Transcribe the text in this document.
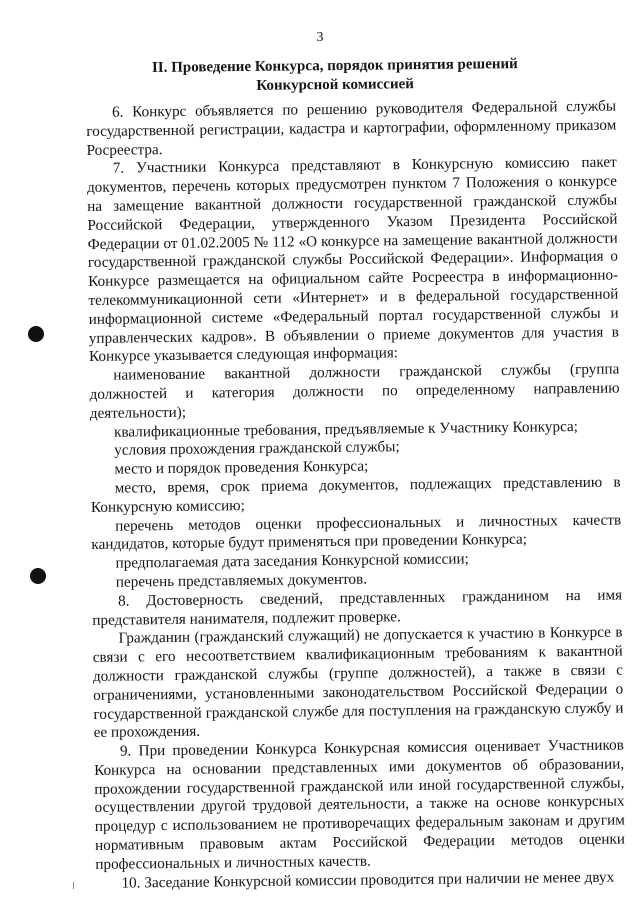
3
II. Проведение Конкурса, порядок принятия решений
Конкурсной комиссией

6. Конкурс объявляется по решению руководителя Федеральной службы государственной регистрации, кадастра и картографии, оформленному приказом Росреестра.

7. Участники Конкурса представляют в Конкурсную комиссию пакет документов, перечень которых предусмотрен пунктом 7 Положения о конкурсе на замещение вакантной должности государственной гражданской службы Российской Федерации, утвержденного Указом Президента Российской Федерации от 01.02.2005 № 112 «О конкурсе на замещение вакантной должности государственной гражданской службы Российской Федерации». Информация о Конкурсе размещается на официальном сайте Росреестра в информационно-телекоммуникационной сети «Интернет» и в федеральной государственной информационной системе «Федеральный портал государственной службы и управленческих кадров». В объявлении о приеме документов для участия в Конкурсе указывается следующая информация:

наименование вакантной должности гражданской службы (группа должностей и категория должности по определенному направлению деятельности);

квалификационные требования, предъявляемые к Участнику Конкурса;

условия прохождения гражданской службы;

место и порядок проведения Конкурса;

место, время, срок приема документов, подлежащих представлению в Конкурсную комиссию;

перечень методов оценки профессиональных и личностных качеств кандидатов, которые будут применяться при проведении Конкурса;

предполагаемая дата заседания Конкурсной комиссии;

перечень представляемых документов.

8. Достоверность сведений, представленных гражданином на имя представителя нанимателя, подлежит проверке.

Гражданин (гражданский служащий) не допускается к участию в Конкурсе в связи с его несоответствием квалификационным требованиям к вакантной должности гражданской службы (группе должностей), а также в связи с ограничениями, установленными законодательством Российской Федерации о государственной гражданской службе для поступления на гражданскую службу и ее прохождения.

9. При проведении Конкурса Конкурсная комиссия оценивает Участников Конкурса на основании представленных ими документов об образовании, прохождении государственной гражданской или иной государственной службы, осуществлении другой трудовой деятельности, а также на основе конкурсных процедур с использованием не противоречащих федеральным законам и другим нормативным правовым актам Российской Федерации методов оценки профессиональных и личностных качеств.

10. Заседание Конкурсной комиссии проводится при наличии не менее двух
